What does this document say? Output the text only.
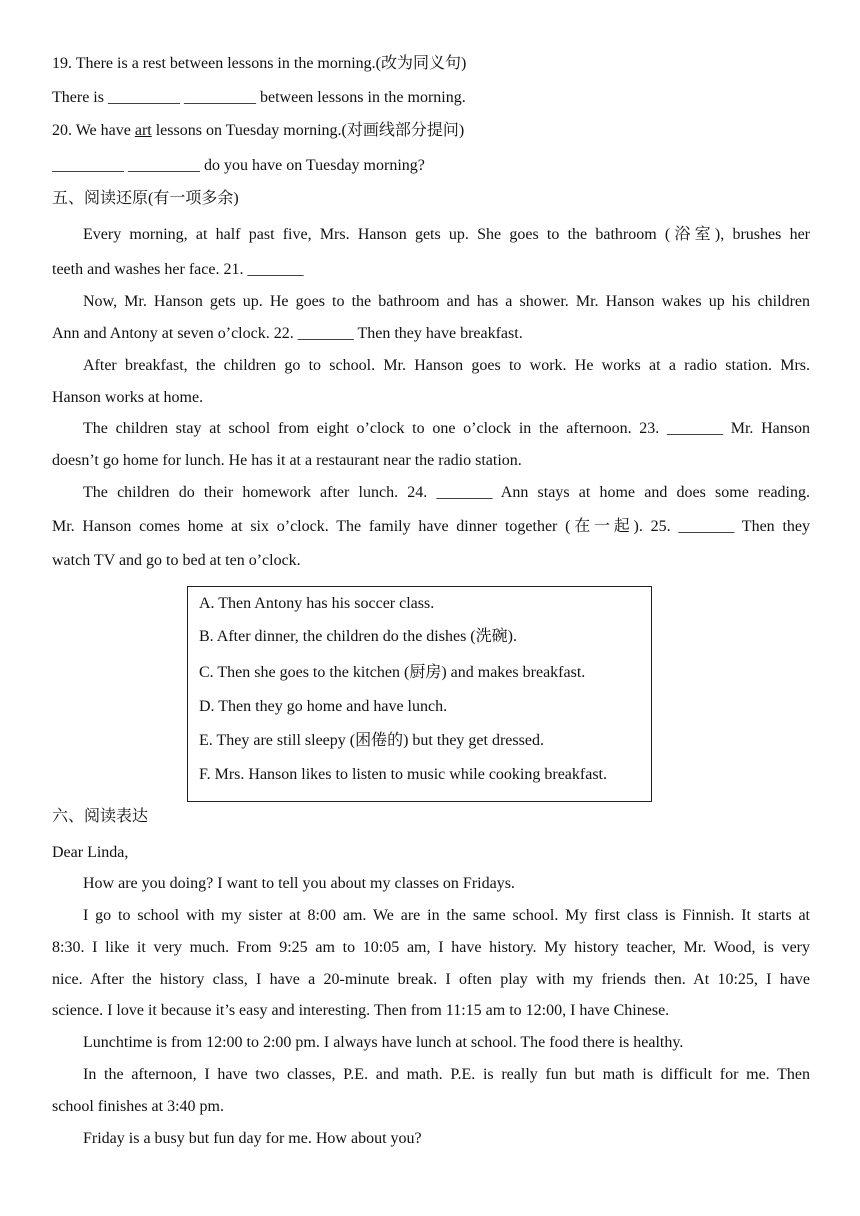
19. There is a rest between lessons in the morning.(改为同义句)
There is _________ _________ between lessons in the morning.
20. We have art lessons on Tuesday morning.(对画线部分提问)
_________ _________ do you have on Tuesday morning?
五、阅读还原(有一项多余)
Every morning, at half past five, Mrs. Hanson gets up. She goes to the bathroom (浴室), brushes her
teeth and washes her face. 21. _______
Now, Mr. Hanson gets up. He goes to the bathroom and has a shower. Mr. Hanson wakes up his children
Ann and Antony at seven o’clock. 22. _______ Then they have breakfast.
After breakfast, the children go to school. Mr. Hanson goes to work. He works at a radio station. Mrs.
Hanson works at home.
The children stay at school from eight o’clock to one o’clock in the afternoon. 23. _______ Mr. Hanson
doesn’t go home for lunch. He has it at a restaurant near the radio station.
The children do their homework after lunch. 24. _______ Ann stays at home and does some reading.
Mr. Hanson comes home at six o’clock. The family have dinner together (在一起). 25. _______ Then they
watch TV and go to bed at ten o’clock.
A. Then Antony has his soccer class.
B. After dinner, the children do the dishes (洗碗).
C. Then she goes to the kitchen (厨房) and makes breakfast.
D. Then they go home and have lunch.
E. They are still sleepy (困倦的) but they get dressed.
F. Mrs. Hanson likes to listen to music while cooking breakfast.
六、阅读表达
Dear Linda,
How are you doing? I want to tell you about my classes on Fridays.
I go to school with my sister at 8:00 am. We are in the same school. My first class is Finnish. It starts at
8:30. I like it very much. From 9:25 am to 10:05 am, I have history. My history teacher, Mr. Wood, is very
nice. After the history class, I have a 20-minute break. I often play with my friends then. At 10:25, I have
science. I love it because it’s easy and interesting. Then from 11:15 am to 12:00, I have Chinese.
Lunchtime is from 12:00 to 2:00 pm. I always have lunch at school. The food there is healthy.
In the afternoon, I have two classes, P.E. and math. P.E. is really fun but math is difficult for me. Then
school finishes at 3:40 pm.
Friday is a busy but fun day for me. How about you?
